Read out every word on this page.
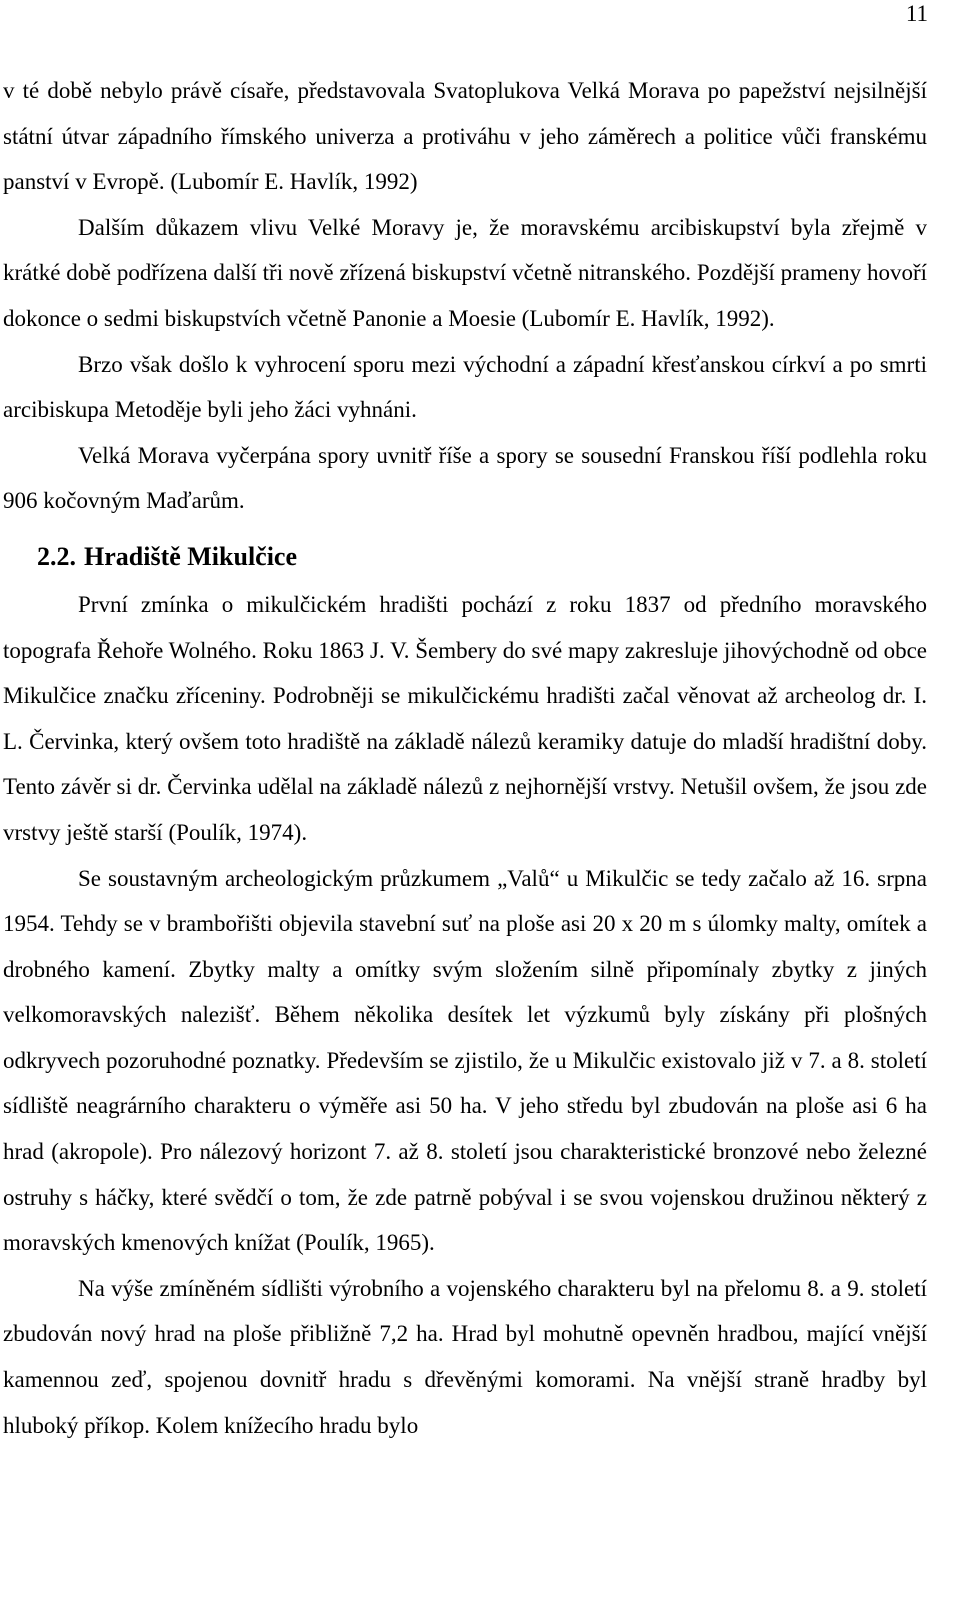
11

v té době nebylo právě císaře, představovala Svatoplukova Velká Morava po papežství nejsilnější státní útvar západního římského univerza a protiváhu v jeho záměrech a politice vůči franskému panství v Evropě. (Lubomír E. Havlík, 1992)

Dalším důkazem vlivu Velké Moravy je, že moravskému arcibiskupství byla zřejmě v krátké době podřízena další tři nově zřízená biskupství včetně nitranského. Pozdější prameny hovoří dokonce o sedmi biskupstvích včetně Panonie a Moesie (Lubomír E. Havlík, 1992).

Brzo však došlo k vyhrocení sporu mezi východní a západní křesťanskou církví a po smrti arcibiskupa Metoděje byli jeho žáci vyhnáni.

Velká Morava vyčerpána spory uvnitř říše a spory se sousední Franskou říší podlehla roku 906 kočovným Maďarům.

2.2. Hradiště Mikulčice

První zmínka o mikulčickém hradišti pochází z roku 1837 od předního moravského topografa Řehoře Wolného. Roku 1863 J. V. Šembery do své mapy zakresluje jihovýchodně od obce Mikulčice značku zříceniny. Podrobněji se mikulčickému hradišti začal věnovat až archeolog dr. I. L. Červinka, který ovšem toto hradiště na základě nálezů keramiky datuje do mladší hradištní doby. Tento závěr si dr. Červinka udělal na základě nálezů z nejhornější vrstvy. Netušil ovšem, že jsou zde vrstvy ještě starší (Poulík, 1974).

Se soustavným archeologickým průzkumem „Valů“ u Mikulčic se tedy začalo až 16. srpna 1954. Tehdy se v brambořišti objevila stavební suť na ploše asi 20 x 20 m s úlomky malty, omítek a drobného kamení. Zbytky malty a omítky svým složením silně připomínaly zbytky z jiných velkomoravských nalezišť. Během několika desítek let výzkumů byly získány při plošných odkryvech pozoruhodné poznatky. Především se zjistilo, že u Mikulčic existovalo již v 7. a 8. století sídliště neagrárního charakteru o výměře asi 50 ha. V jeho středu byl zbudován na ploše asi 6 ha hrad (akropole). Pro nálezový horizont 7. až 8. století jsou charakteristické bronzové nebo železné ostruhy s háčky, které svědčí o tom, že zde patrně pobýval i se svou vojenskou družinou některý z moravských kmenových knížat (Poulík, 1965).

Na výše zmíněném sídlišti výrobního a vojenského charakteru byl na přelomu 8. a 9. století zbudován nový hrad na ploše přibližně 7,2 ha. Hrad byl mohutně opevněn hradbou, mající vnější kamennou zeď, spojenou dovnitř hradu s dřevěnými komorami. Na vnější straně hradby byl hluboký příkop. Kolem knížecího hradu bylo
